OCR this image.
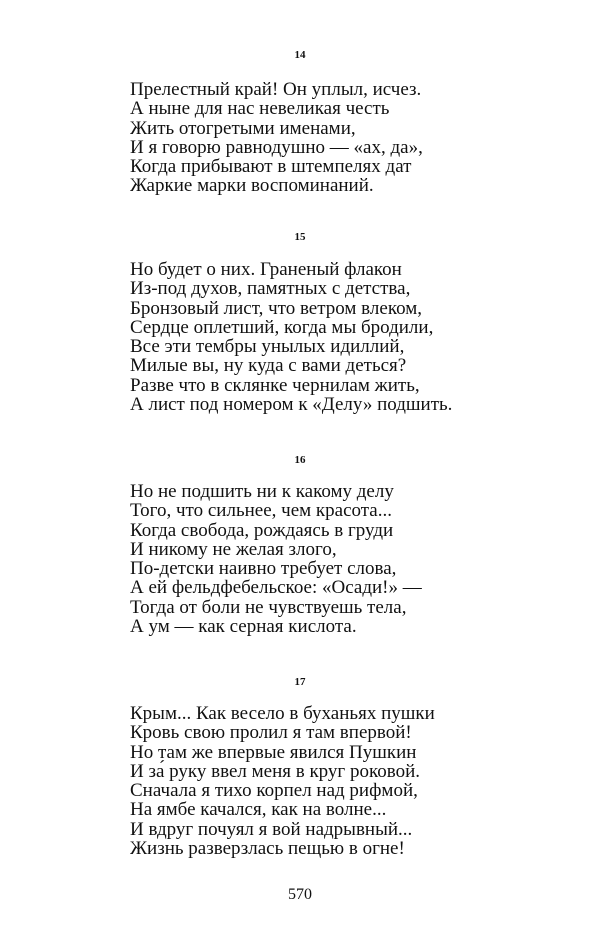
14
Прелестный край! Он уплыл, исчез.
А ныне для нас невеликая честь
Жить отогретыми именами,
И я говорю равнодушно — «ах, да»,
Когда прибывают в штемпелях дат
Жаркие марки воспоминаний.
15
Но будет о них. Граненый флакон
Из-под духов, памятных с детства,
Бронзовый лист, что ветром влеком,
Сердце оплетший, когда мы бродили,
Все эти тембры унылых идиллий,
Милые вы, ну куда с вами деться?
Разве что в склянке чернилам жить,
А лист под номером к «Делу» подшить.
16
Но не подшить ни к какому делу
Того, что сильнее, чем красота...
Когда свобода, рождаясь в груди
И никому не желая злого,
По-детски наивно требует слова,
А ей фельдфебельское: «Осади!» —
Тогда от боли не чувствуешь тела,
А ум — как серная кислота.
17
Крым... Как весело в буханьях пушки
Кровь свою пролил я там впервой!
Но там же впервые явился Пушкин
И за́ руку ввел меня в круг роковой.
Сначала я тихо корпел над рифмой,
На ямбе качался, как на волне...
И вдруг почуял я вой надрывный...
Жизнь разверзлась пещью в огне!
570
